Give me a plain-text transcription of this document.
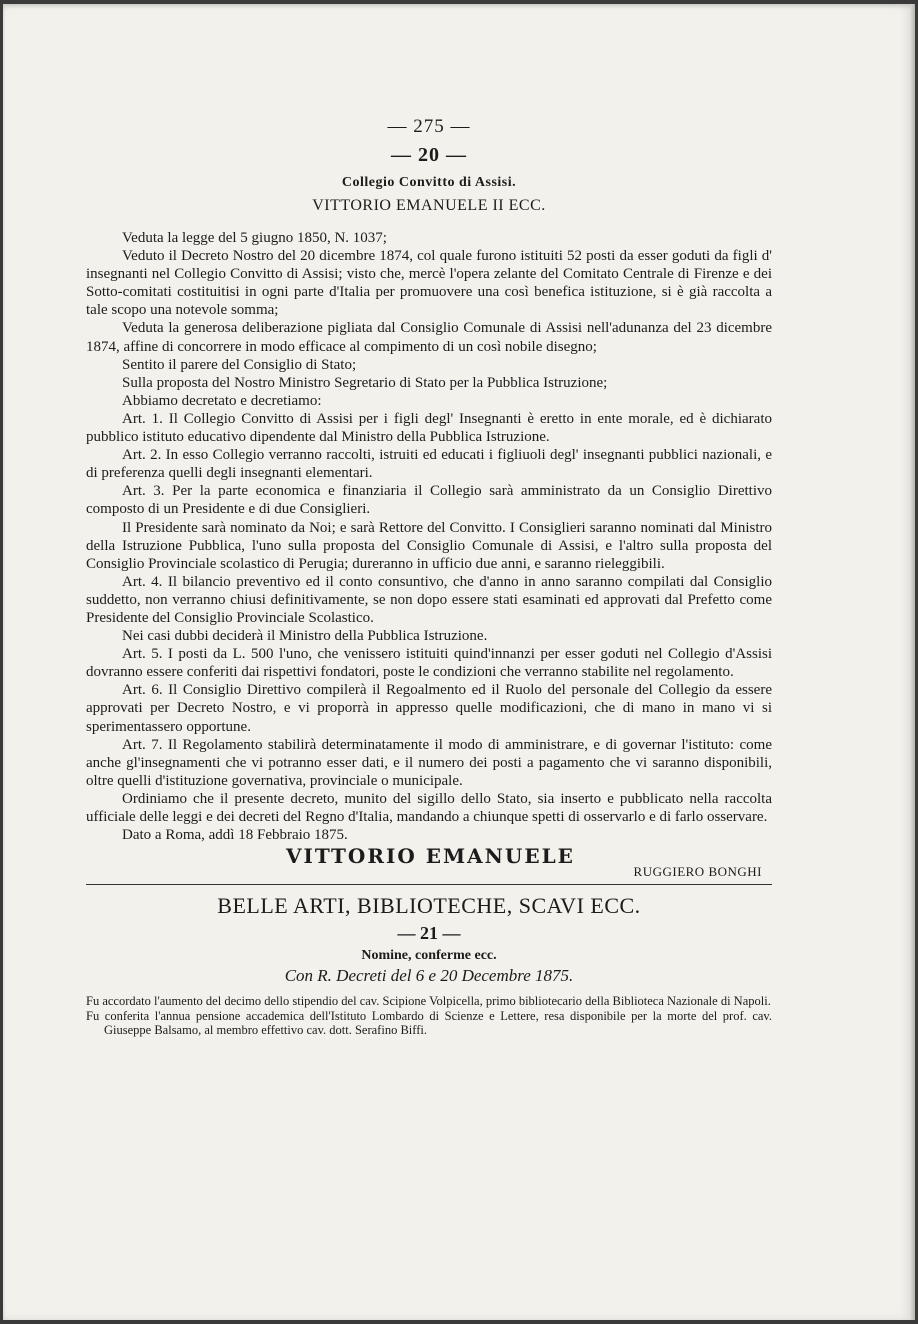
— 275 —
— 20 —
Collegio Convitto di Assisi.
VITTORIO EMANUELE II ECC.

Veduta la legge del 5 giugno 1850, N. 1037;

Veduto il Decreto Nostro del 20 dicembre 1874, col quale furono istituiti 52 posti da esser goduti da figli d' insegnanti nel Collegio Convitto di Assisi; visto che, mercè l'opera zelante del Comitato Centrale di Firenze e dei Sotto-comitati costituitisi in ogni parte d'Italia per promuovere una così benefica istituzione, si è già raccolta a tale scopo una notevole somma;

Veduta la generosa deliberazione pigliata dal Consiglio Comunale di Assisi nell'adunanza del 23 dicembre 1874, affine di concorrere in modo efficace al compimento di un così nobile disegno;

Sentito il parere del Consiglio di Stato;

Sulla proposta del Nostro Ministro Segretario di Stato per la Pubblica Istruzione;

Abbiamo decretato e decretiamo:

Art. 1. Il Collegio Convitto di Assisi per i figli degl' Insegnanti è eretto in ente morale, ed è dichiarato pubblico istituto educativo dipendente dal Ministro della Pubblica Istruzione.

Art. 2. In esso Collegio verranno raccolti, istruiti ed educati i figliuoli degl' insegnanti pubblici nazionali, e di preferenza quelli degli insegnanti elementari.

Art. 3. Per la parte economica e finanziaria il Collegio sarà amministrato da un Consiglio Direttivo composto di un Presidente e di due Consiglieri.

Il Presidente sarà nominato da Noi; e sarà Rettore del Convitto. I Consiglieri saranno nominati dal Ministro della Istruzione Pubblica, l'uno sulla proposta del Consiglio Comunale di Assisi, e l'altro sulla proposta del Consiglio Provinciale scolastico di Perugia; dureranno in ufficio due anni, e saranno rieleggibili.

Art. 4. Il bilancio preventivo ed il conto consuntivo, che d'anno in anno saranno compilati dal Consiglio suddetto, non verranno chiusi definitivamente, se non dopo essere stati esaminati ed approvati dal Prefetto come Presidente del Consiglio Provinciale Scolastico.

Nei casi dubbi deciderà il Ministro della Pubblica Istruzione.

Art. 5. I posti da L. 500 l'uno, che venissero istituiti quind'innanzi per esser goduti nel Collegio d'Assisi dovranno essere conferiti dai rispettivi fondatori, poste le condizioni che verranno stabilite nel regolamento.

Art. 6. Il Consiglio Direttivo compilerà il Regoalmento ed il Ruolo del personale del Collegio da essere approvati per Decreto Nostro, e vi proporrà in appresso quelle modificazioni, che di mano in mano vi si sperimentassero opportune.

Art. 7. Il Regolamento stabilirà determinatamente il modo di amministrare, e di governar l'istituto: come anche gl'insegnamenti che vi potranno esser dati, e il numero dei posti a pagamento che vi saranno disponibili, oltre quelli d'istituzione governativa, provinciale o municipale.

Ordiniamo che il presente decreto, munito del sigillo dello Stato, sia inserto e pubblicato nella raccolta ufficiale delle leggi e dei decreti del Regno d'Italia, mandando a chiunque spetti di osservarlo e di farlo osservare.

Dato a Roma, addì 18 Febbraio 1875.

VITTORIO EMANUELE
RUGGIERO BONGHI
BELLE ARTI, BIBLIOTECHE, SCAVI ECC.
— 21 —
Nomine, conferme ecc.
Con R. Decreti del 6 e 20 Decembre 1875.

Fu accordato l'aumento del decimo dello stipendio del cav. Scipione Volpicella, primo bibliotecario della Biblioteca Nazionale di Napoli.

Fu conferita l'annua pensione accademica dell'Istituto Lombardo di Scienze e Lettere, resa disponibile per la morte del prof. cav. Giuseppe Balsamo, al membro effettivo cav. dott. Serafino Biffi.
